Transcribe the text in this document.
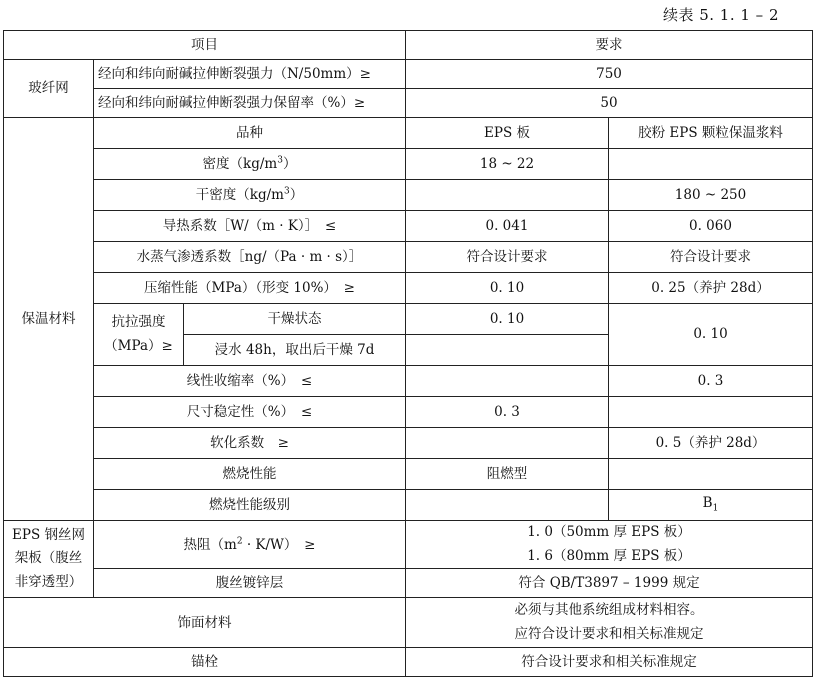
续表 5. 1. 1 – 2
项目			要求	
玻纤网	经向和纬向耐碱拉伸断裂强力（N/50mm）≥		750	
	经向和纬向耐碱拉伸断裂强力保留率（%）≥		50	
保温材料	品种		EPS 板	胶粉 EPS 颗粒保温浆料
	密度$(kg/m^3)$		18 ~ 22	
	干密度$(kg/m^3)$			180 ~ 250
	导热系数［W/（m · K）］　≤		0. 041	0. 060
	水蒸气渗透系数［ng/（Pa · m · s）］		符合设计要求	符合设计要求
	压缩性能（MPa）（形变 10%）　≥		0. 10	0. 25（养护 28d）

	抗拉强度
（MPa）≥	干燥状态	0. 10	0. 10
		浸水 48h，取出后干燥 7d		
	线性收缩率（%）　≤			0. 3
	尺寸稳定性（%）　≤		0. 3	
	软化系数　≥			0. 5（养护 28d）
	燃烧性能		阻燃型	
	燃烧性能级别			$B_1$

EPS 钢丝网
架板（腹丝
非穿透型）	热阻$(m^2 \cdot K/W)$　≥		1. 0（50mm 厚 EPS 板）
1. 6（80mm 厚 EPS 板）	

	腹丝镀锌层		符合 QB/T3897 – 1999 规定	
饰面材料			必须与其他系统组成材料相容。
应符合设计要求和相关标准规定	

锚栓			符合设计要求和相关标准规定	
